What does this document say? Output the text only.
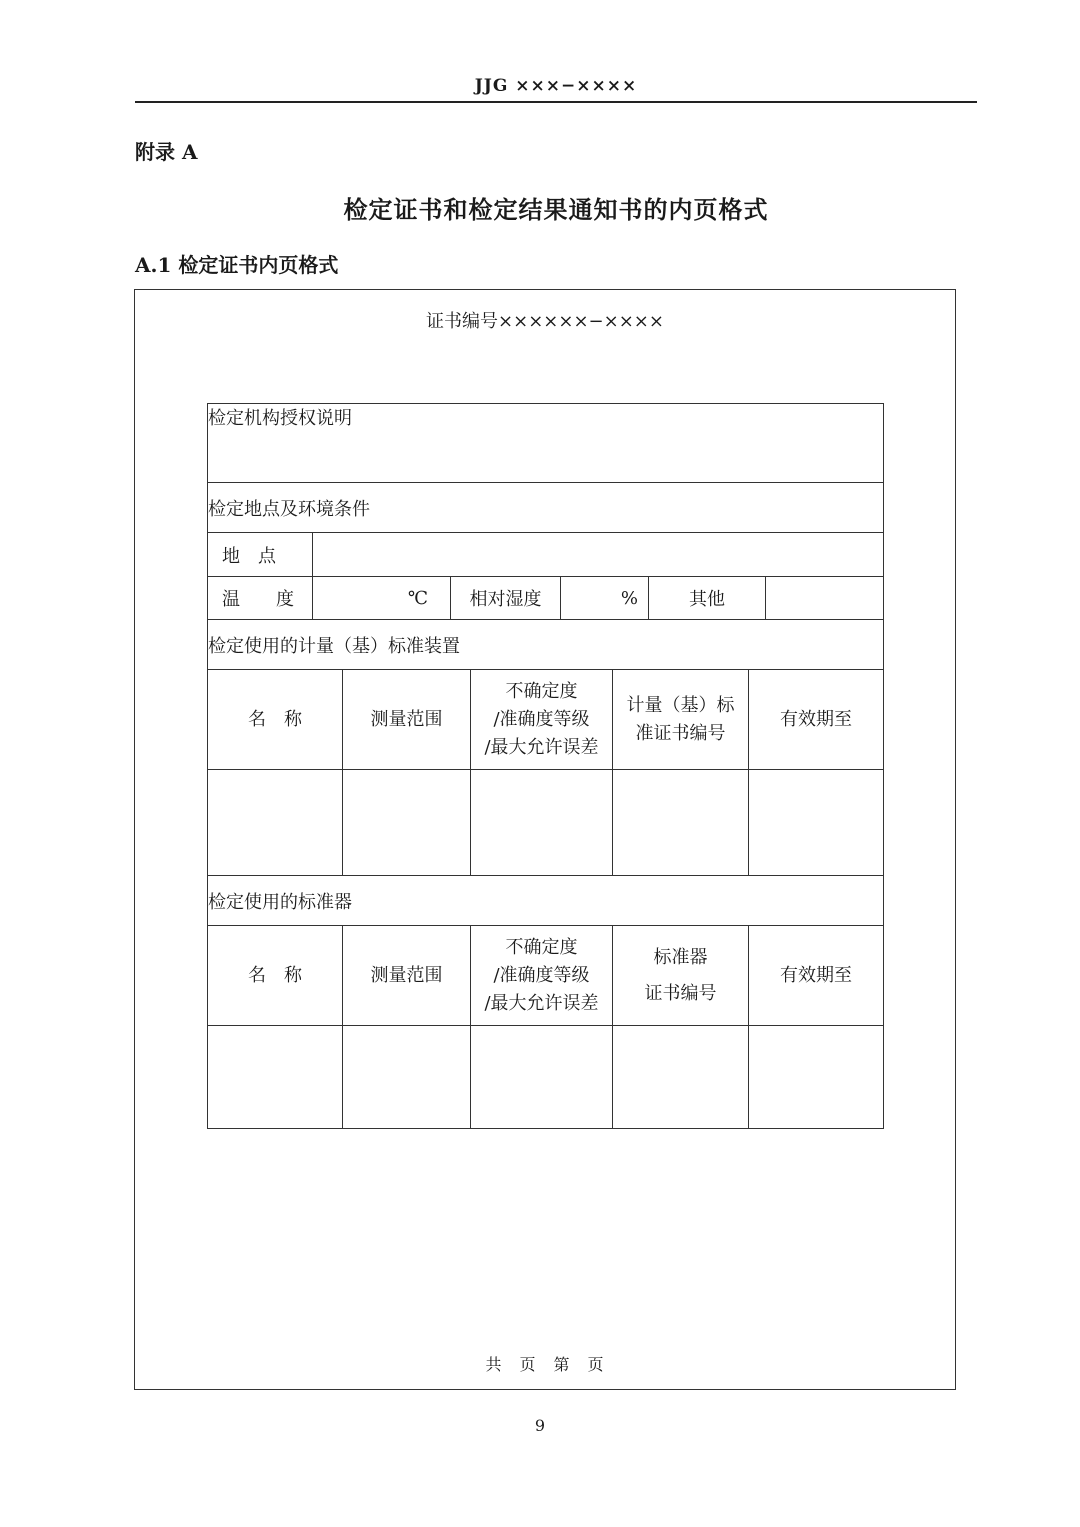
JJG ×××−××××
附录 A
检定证书和检定结果通知书的内页格式
A.1 检定证书内页格式
证书编号××××××−××××
检定机构授权说明									
检定地点及环境条件									
地　点									
温　　度	℃		相对湿度		%		其他		
检定使用的计量（基）标准装置									
名　称		测量范围		不确定度
/准确度等级
/最大允许误差		计量（基）标
准证书编号		有效期至	

检定使用的标准器									
名　称		测量范围		不确定度
/准确度等级
/最大允许误差		标准器
证书编号		有效期至	

共　页　第　页
9
